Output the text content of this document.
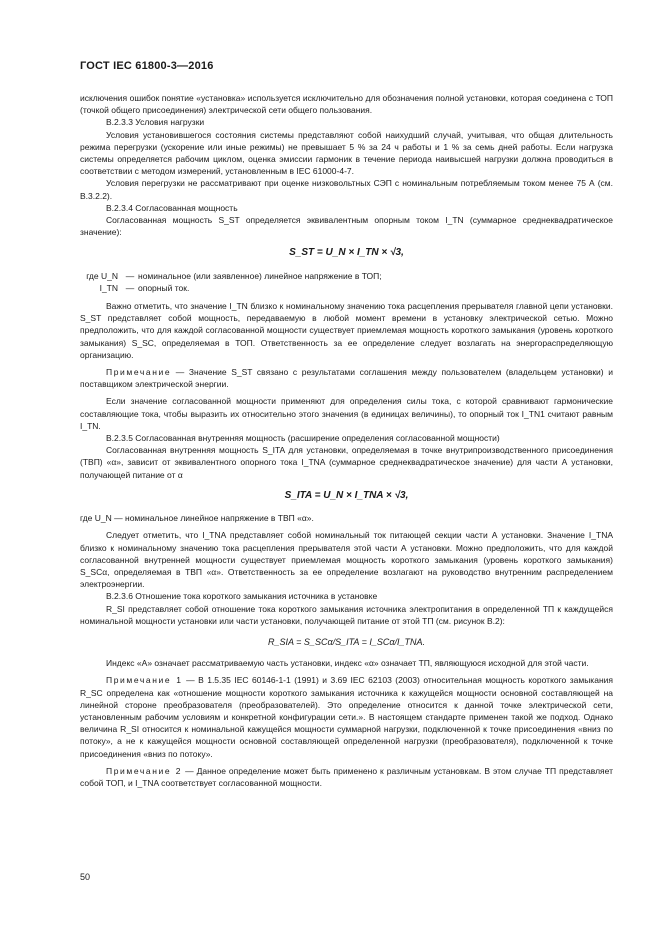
ГОСТ IEC 61800-3—2016

исключения ошибок понятие «установка» используется исключительно для обозначения полной установки, которая соединена с ТОП (точкой общего присоединения) электрической сети общего пользования.

B.2.3.3 Условия нагрузки

Условия установившегося состояния системы представляют собой наихудший случай, учитывая, что общая длительность режима перегрузки (ускорение или иные режимы) не превышает 5 % за 24 ч работы и 1 % за семь дней работы. Если нагрузка системы определяется рабочим циклом, оценка эмиссии гармоник в течение периода наивысшей нагрузки должна проводиться в соответствии с методом измерений, установленным в IEC 61000-4-7.

Условия перегрузки не рассматривают при оценке низковольтных СЭП с номинальным потребляемым током менее 75 А (см. B.3.2.2).

B.2.3.4 Согласованная мощность

Согласованная мощность S_ST определяется эквивалентным опорным током I_TN (суммарное среднеквадратическое значение):

S_ST = U_N × I_TN × √3,
где U_N — номинальное (или заявленное) линейное напряжение в ТОП;
I_TN — опорный ток.

Важно отметить, что значение I_TN близко к номинальному значению тока расцепления прерывателя главной цепи установки. S_ST представляет собой мощность, передаваемую в любой момент времени в установку электрической сетью. Можно предположить, что для каждой согласованной мощности существует приемлемая мощность короткого замыкания (уровень короткого замыкания) S_SC, определяемая в ТОП. Ответственность за ее определение следует возлагать на энергораспределяющую организацию.

Примечание — Значение S_ST связано с результатами соглашения между пользователем (владельцем установки) и поставщиком электрической энергии.

Если значение согласованной мощности применяют для определения силы тока, с которой сравнивают гармонические составляющие тока, чтобы выразить их относительно этого значения (в единицах величины), то опорный ток I_TN1 считают равным I_TN.

B.2.3.5 Согласованная внутренняя мощность (расширение определения согласованной мощности)

Согласованная внутренняя мощность S_ITA для установки, определяемая в точке внутрипроизводственного присоединения (ТВП) «α», зависит от эквивалентного опорного тока I_TNA (суммарное среднеквадратическое значение) для части А установки, получающей питание от α

S_ITA = U_N × I_TNA × √3,

где U_N — номинальное линейное напряжение в ТВП «α».

Следует отметить, что I_TNA представляет собой номинальный ток питающей секции части А установки. Значение I_TNA близко к номинальному значению тока расцепления прерывателя этой части А установки. Можно предположить, что для каждой согласованной внутренней мощности существует приемлемая мощность короткого замыкания (уровень короткого замыкания) S_SCα, определяемая в ТВП «α». Ответственность за ее определение возлагают на руководство внутренним распределением электроэнергии.

B.2.3.6 Отношение тока короткого замыкания источника в установке

R_SI представляет собой отношение тока короткого замыкания источника электропитания в определенной ТП к каждущейся номинальной мощности установки или части установки, получающей питание от этой ТП (см. рисунок B.2):

R_SIA = S_SCα/S_ITA = I_SCα/I_TNA.

Индекс «А» означает рассматриваемую часть установки, индекс «α» означает ТП, являющуюся исходной для этой части.

Примечание 1 — В 1.5.35 IEC 60146-1-1 (1991) и 3.69 IEC 62103 (2003) относительная мощность короткого замыкания R_SC определена как «отношение мощности короткого замыкания источника к кажущейся мощности основной составляющей на линейной стороне преобразователя (преобразователей). Это определение относится к данной точке электрической сети, установленным рабочим условиям и конкретной конфигурации сети.». В настоящем стандарте применен такой же подход. Однако величина R_SI относится к номинальной кажущейся мощности суммарной нагрузки, подключенной к точке присоединения «вниз по потоку», а не к кажущейся мощности основной составляющей определенной нагрузки (преобразователя), подключенной к точке присоединения «вниз по потоку».

Примечание 2 — Данное определение может быть применено к различным установкам. В этом случае ТП представляет собой ТОП, и I_TNA соответствует согласованной мощности.

50
